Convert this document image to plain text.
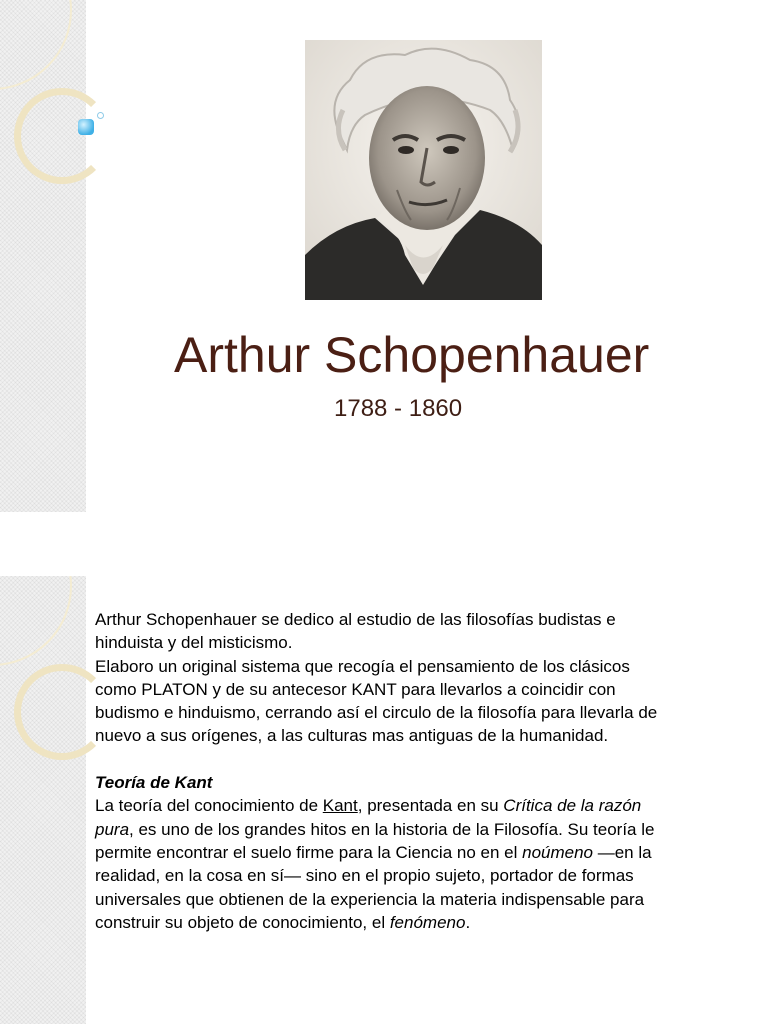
Arthur Schopenhauer
1788 - 1860

Arthur Schopenhauer se dedico al estudio de las filosofías budistas e
hinduista y del misticismo.
Elaboro un original sistema que recogía el pensamiento de los clásicos
como PLATON y de su antecesor KANT para llevarlos a coincidir con
budismo e hinduismo, cerrando así el circulo de la filosofía para llevarla de
nuevo a sus orígenes, a las culturas mas antiguas de la humanidad.

Teoría de Kant

La teoría del conocimiento de Kant, presentada en su Crítica de la razón
pura, es uno de los grandes hitos en la historia de la Filosofía. Su teoría le
permite encontrar el suelo firme para la Ciencia no en el noúmeno —en la
realidad, en la cosa en sí— sino en el propio sujeto, portador de formas
universales que obtienen de la experiencia la materia indispensable para
construir su objeto de conocimiento, el fenómeno.
